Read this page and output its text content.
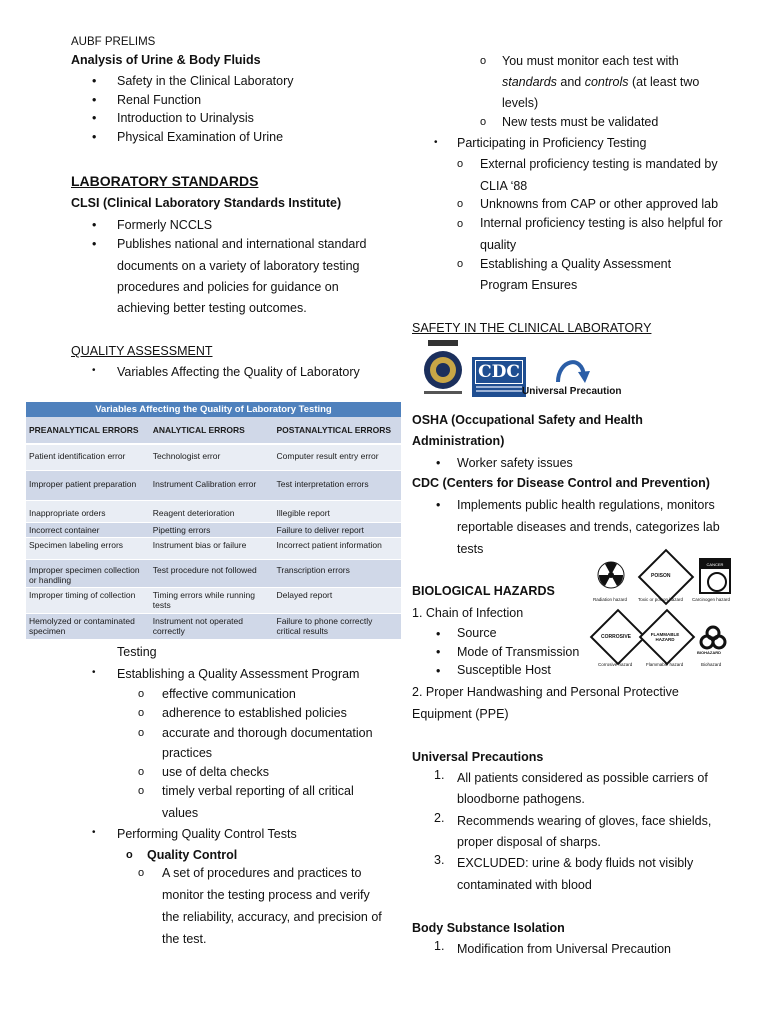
AUBF PRELIMS
Analysis of Urine & Body Fluids
• Safety in the Clinical Laboratory
• Renal Function
• Introduction to Urinalysis
• Physical Examination of Urine
LABORATORY STANDARDS
CLSI (Clinical Laboratory Standards Institute)
• Formerly NCCLS
• Publishes national and international standard
documents on a variety of laboratory testing
procedures and policies for guidance on
achieving better testing outcomes.
QUALITY ASSESSMENT
• Variables Affecting the Quality of Laboratory
Variables Affecting the Quality of Laboratory Testing
PREANALYTICAL ERRORS	ANALYTICAL ERRORS	POSTANALYTICAL ERRORS
Patient identification error	Technologist error	Computer result entry error
Improper patient preparation	Instrument Calibration error	Test interpretation errors
Inappropriate orders	Reagent deterioration	Illegible report
Incorrect container	Pipetting errors	Failure to deliver report
Specimen labeling errors	Instrument bias or failure	Incorrect patient information
Improper specimen collection or handling	Test procedure not followed	Transcription errors
Improper timing of collection	Timing errors while running tests	Delayed report
Hemolyzed or contaminated specimen	Instrument not operated correctly	Failure to phone correctly critical results
Testing
• Establishing a Quality Assessment Program
o effective communication
o adherence to established policies
o accurate and thorough documentation
practices
o use of delta checks
o timely verbal reporting of all critical
values
• Performing Quality Control Tests
o Quality Control
o A set of procedures and practices to
monitor the testing process and verify
the reliability, accuracy, and precision of
the test.
o You must monitor each test with
standards and controls (at least two
levels)
o New tests must be validated
• Participating in Proficiency Testing
o External proficiency testing is mandated by
CLIA ‘88
o Unknowns from CAP or other approved lab
o Internal proficiency testing is also helpful for
quality
o Establishing a Quality Assessment
Program Ensures
SAFETY IN THE CLINICAL LABORATORY
CDC
Universal Precaution
OSHA (Occupational Safety and Health
Administration)
• Worker safety issues
CDC (Centers for Disease Control and Prevention)
• Implements public health regulations, monitors
reportable diseases and trends, categorizes lab
tests
POISON
CANCER HAZARD
Radiation hazard Toxic or poison hazard Carcinogen hazard
CORROSIVE	FLAMMABLE HAZARD
BIOHAZARD
Corrosive hazard	Flammable hazard	Biohazard
BIOLOGICAL HAZARDS
1. Chain of Infection
• Source
• Mode of Transmission
• Susceptible Host
2. Proper Handwashing and Personal Protective
Equipment (PPE)
Universal Precautions
1. All patients considered as possible carriers of
bloodborne pathogens.
2. Recommends wearing of gloves, face shields,
proper disposal of sharps.
3. EXCLUDED: urine & body fluids not visibly
contaminated with blood
Body Substance Isolation
1. Modification from Universal Precaution
